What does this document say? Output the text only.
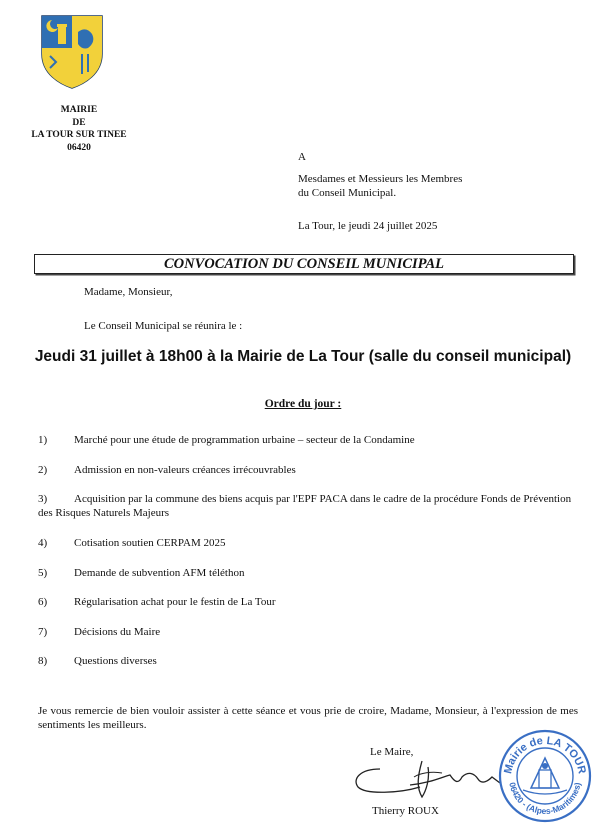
MAIRIE
DE
LA TOUR SUR TINEE
06420
A
Mesdames et Messieurs les Membres
du Conseil Municipal.
La Tour, le jeudi 24 juillet 2025
CONVOCATION DU CONSEIL MUNICIPAL
Madame, Monsieur,
Le Conseil Municipal se réunira le :
Jeudi 31 juillet à 18h00 à la Mairie de La Tour (salle du conseil municipal)
Ordre du jour :
1) Marché pour une étude de programmation urbaine – secteur de la Condamine
2) Admission en non-valeurs créances irrécouvrables
3) Acquisition par la commune des biens acquis par l'EPF PACA dans le cadre de la procédure Fonds de Prévention des Risques Naturels Majeurs
4) Cotisation soutien CERPAM 2025
5) Demande de subvention AFM téléthon
6) Régularisation achat pour le festin de La Tour
7) Décisions du Maire
8) Questions diverses
Je vous remercie de bien vouloir assister à cette séance et vous prie de croire, Madame, Monsieur, à l'expression de mes sentiments les meilleurs.
Le Maire,
Thierry ROUX
Mairie de LA TOUR
06420 - (Alpes-Maritimes)
